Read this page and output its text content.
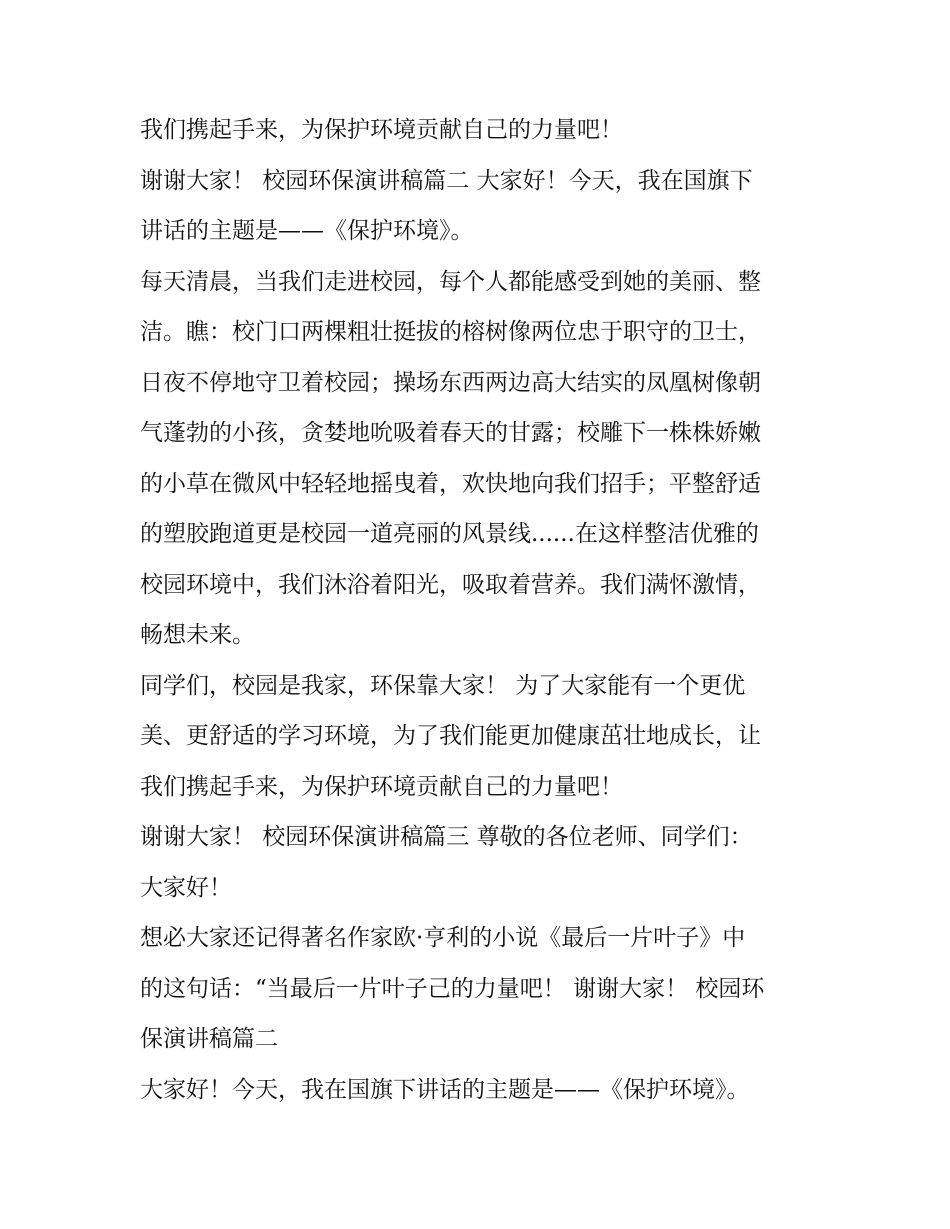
我们携起手来，为保护环境贡献自己的力量吧！
谢谢大家！ 校园环保演讲稿篇二 大家好！今天，我在国旗下
讲话的主题是——《保护环境》。
每天清晨，当我们走进校园，每个人都能感受到她的美丽、整
洁。瞧：校门口两棵粗壮挺拔的榕树像两位忠于职守的卫士，
日夜不停地守卫着校园；操场东西两边高大结实的凤凰树像朝
气蓬勃的小孩，贪婪地吮吸着春天的甘露；校雕下一株株娇嫩
的小草在微风中轻轻地摇曳着，欢快地向我们招手；平整舒适
的塑胶跑道更是校园一道亮丽的风景线......在这样整洁优雅的
校园环境中，我们沐浴着阳光，吸取着营养。我们满怀激情，
畅想未来。
同学们，校园是我家，环保靠大家！ 为了大家能有一个更优
美、更舒适的学习环境，为了我们能更加健康茁壮地成长，让
我们携起手来，为保护环境贡献自己的力量吧！
谢谢大家！ 校园环保演讲稿篇三 尊敬的各位老师、同学们：
大家好！
想必大家还记得著名作家欧·亨利的小说《最后一片叶子》中
的这句话：“当最后一片叶子己的力量吧！ 谢谢大家！ 校园环
保演讲稿篇二
大家好！今天，我在国旗下讲话的主题是——《保护环境》。
